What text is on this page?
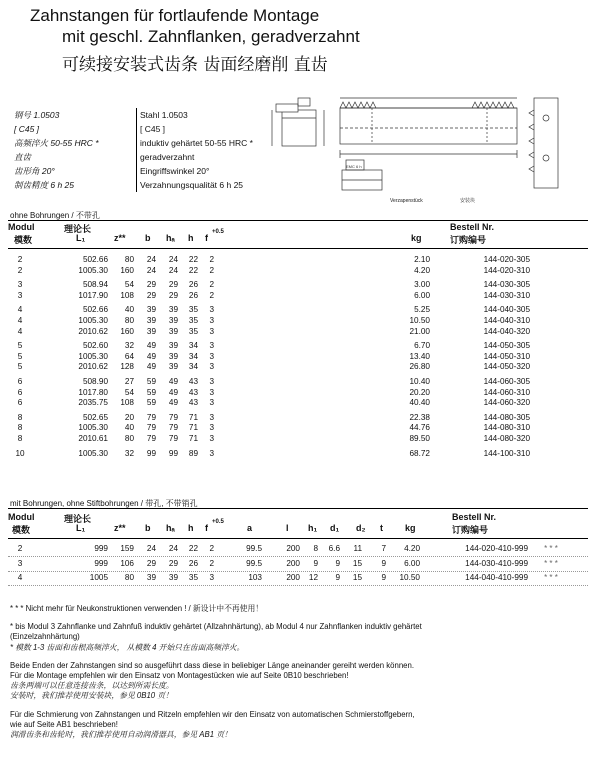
Zahnstangen für fortlaufende Montage
mit geschl. Zahnflanken, geradverzahnt
可续接安装式齿条 齿面经磨削 直齿
钢号 1.0503
[ C45 ]
高频淬火 50-55 HRC *
直齿
齿形角 20°
制齿精度 6 h 25
Stahl 1.0503
[ C45 ]
induktiv gehärtet 50-55 HRC *
geradverzahnt
Eingriffswinkel 20°
Verzahnungsqualität 6 h 25
EMC 6 h
Verzapenstück	安装块
ohne Bohrungen / 不带孔
Modul
模数
理论长
L₁	z** b hₐ h f
+0.5
kg
Bestell Nr.
订购编号
2	502.66	80	24	24	22	2	2.10	144-020-305
2	1005.30	160	24	24	22	2	4.20	144-020-310
3	508.94	54	29	29	26	2	3.00	144-030-305
3	1017.90	108	29	29	26	2	6.00	144-030-310
4	502.66	40	39	39	35	3	5.25	144-040-305
4	1005.30	80	39	39	35	3	10.50	144-040-310
4	2010.62	160	39	39	35	3	21.00	144-040-320
5	502.60	32	49	39	34	3	6.70	144-050-305
5	1005.30	64	49	39	34	3	13.40	144-050-310
5	2010.62	128	49	39	34	3	26.80	144-050-320
6	508.90	27	59	49	43	3	10.40	144-060-305
6	1017.80	54	59	49	43	3	20.20	144-060-310
6	2035.75	108	59	49	43	3	40.40	144-060-320
8	502.65	20	79	79	71	3	22.38	144-080-305
8	1005.30	40	79	79	71	3	44.76	144-080-310
8	2010.61	80	79	79	71	3	89.50	144-080-320
10	1005.30	32	99	99	89	3	68.72	144-100-310
mit Bohrungen, ohne Stiftbohrungen / 带孔, 不带销孔
Modul
模数
理论长
L₁	z** b hₐ h f
+0.5
a	l h₁ d₁ d₂ t kg
Bestell Nr.
订购编号
2	999	159	24	24	22	2	99.5	200	8	6.6	11	7	4.20	144-020-410-999	* * *
3	999	106	29	29	26	2	99.5	200	9	9	15	9	6.00	144-030-410-999	* * *
4	1005	80	39	39	35	3	103	200	12	9	15	9	10.50	144-040-410-999	* * *
* * * Nicht mehr für Neukonstruktionen verwenden ! / 新设计中不再使用！
* bis Modul 3 Zahnflanke und Zahnfuß induktiv gehärtet (Allzahnhärtung), ab Modul 4 nur Zahnflanken induktiv gehärtet
(Einzelzahnhärtung)
* 模数 1-3 齿面和齿根高频淬火， 从模数 4 开始只在齿面高频淬火。
Beide Enden der Zahnstangen sind so ausgeführt dass diese in beliebiger Länge aneinander gereiht werden können.
Für die Montage empfehlen wir den Einsatz von Montagestücken wie auf Seite 0B10 beschrieben!
齿条两端可以任意连接齿条，以达到所需长度。
安装时，我们推荐使用安装块，参见 0B10 页！
Für die Schmierung von Zahnstangen und Ritzeln empfehlen wir den Einsatz von automatischen Schmierstoffgebern,
wie auf Seite AB1 beschrieben!
润滑齿条和齿轮时，我们推荐使用自动润滑器具，参见 AB1 页！
